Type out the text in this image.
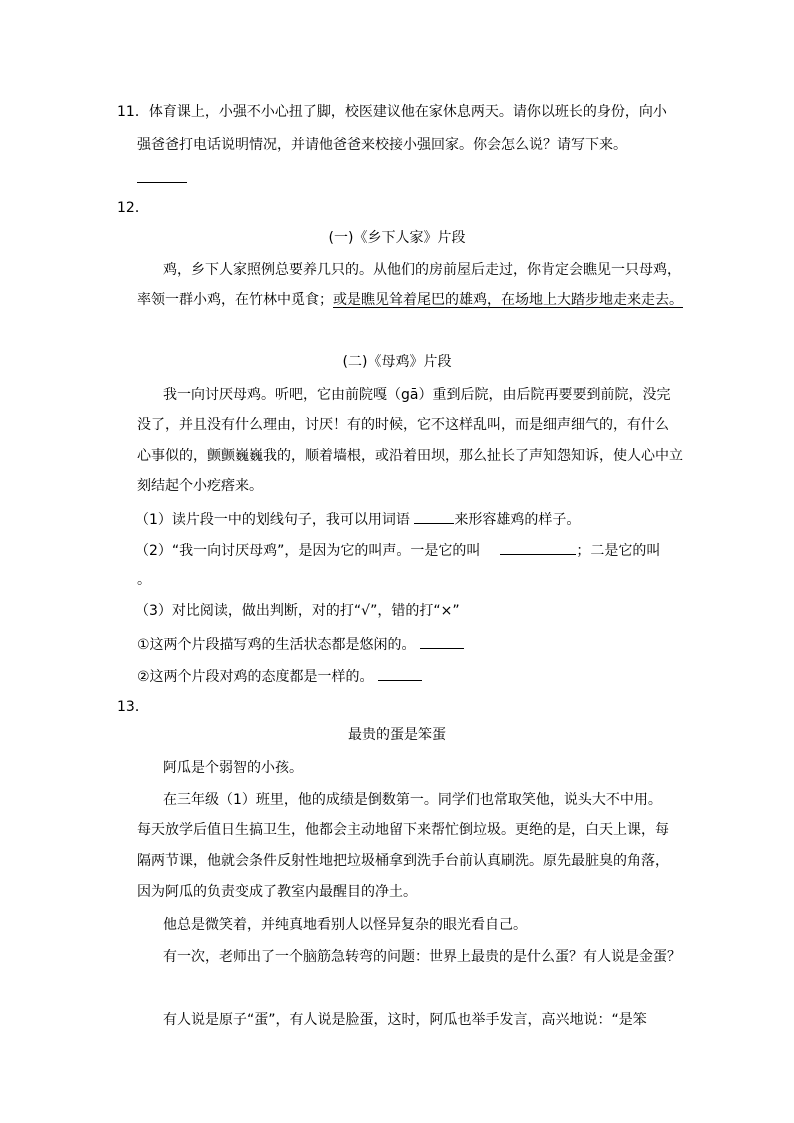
11．体育课上，小强不小心扭了脚，校医建议他在家休息两天。请你以班长的身份，向小
强爸爸打电话说明情况，并请他爸爸来校接小强回家。你会怎么说？请写下来。
12．
(一)《乡下人家》片段
鸡，乡下人家照例总要养几只的。从他们的房前屋后走过，你肯定会瞧见一只母鸡，
率领一群小鸡，在竹林中觅食；或是瞧见耸着尾巴的雄鸡，在场地上大踏步地走来走去。
(二)《母鸡》片段
我一向讨厌母鸡。听吧，它由前院嘎（gā）重到后院，由后院再要要到前院，没完
没了，并且没有什么理由，讨厌！有的时候，它不这样乱叫，而是细声细气的，有什么
心事似的，颤颤巍巍我的，顺着墙根，或沿着田坝，那么扯长了声知怨知诉，使人心中立
刻结起个小疙瘩来。
（1）读片段一中的划线句子，我可以用词语	来形容雄鸡的样子。
（2）“我一向讨厌母鸡”，是因为它的叫声。一是它的叫	；二是它的叫
。
（3）对比阅读，做出判断，对的打“√”，错的打“×”
①这两个片段描写鸡的生活状态都是悠闲的。
②这两个片段对鸡的态度都是一样的。
13．
最贵的蛋是笨蛋
阿瓜是个弱智的小孩。
在三年级（1）班里，他的成绩是倒数第一。同学们也常取笑他，说头大不中用。
每天放学后值日生搞卫生，他都会主动地留下来帮忙倒垃圾。更绝的是，白天上课，每
隔两节课，他就会条件反射性地把垃圾桶拿到洗手台前认真刷洗。原先最脏臭的角落，
因为阿瓜的负责变成了教室内最醒目的净土。
他总是微笑着，并纯真地看别人以怪异复杂的眼光看自己。
有一次，老师出了一个脑筋急转弯的问题：世界上最贵的是什么蛋？有人说是金蛋？
有人说是原子“蛋”，有人说是脸蛋，这时，阿瓜也举手发言，高兴地说：“是笨
